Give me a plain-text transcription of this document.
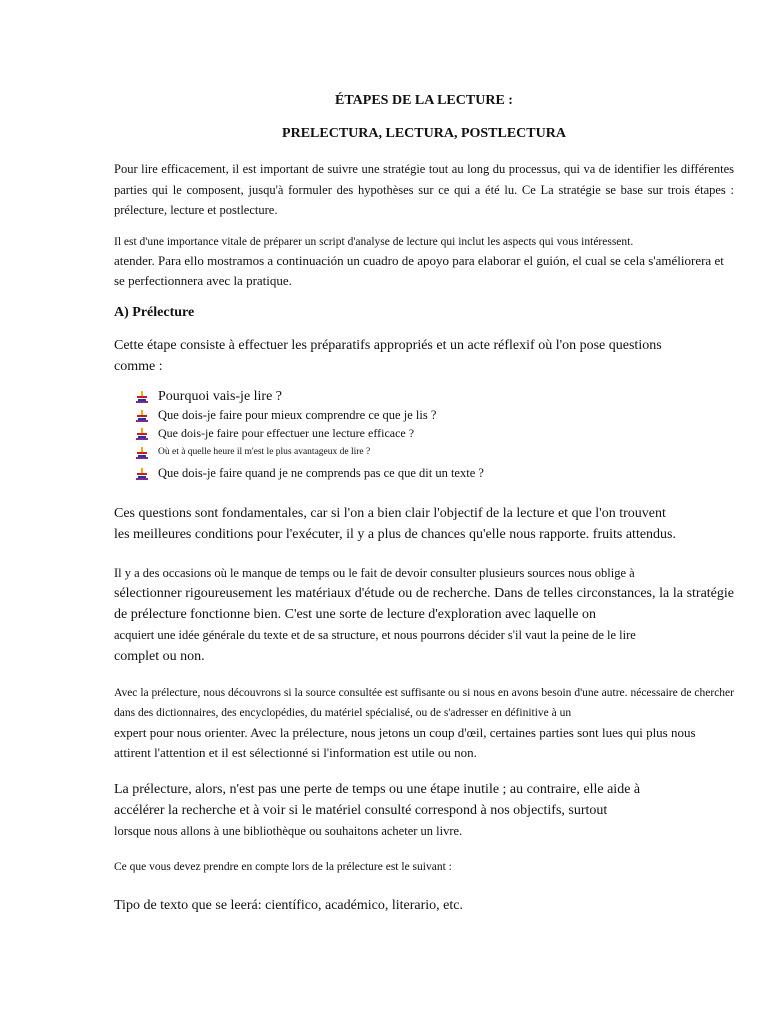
ÉTAPES DE LA LECTURE :

PRELECTURA, LECTURA, POSTLECTURA

Pour lire efficacement, il est important de suivre une stratégie tout au long du processus, qui va de identifier les différentes parties qui le composent, jusqu'à formuler des hypothèses sur ce qui a été lu. Ce La stratégie se base sur trois étapes : prélecture, lecture et postlecture.

Il est d'une importance vitale de préparer un script d'analyse de lecture qui inclut les aspects qui vous intéressent.

atender. Para ello mostramos a continuación un cuadro de apoyo para elaborar el guión, el cual se cela s'améliorera et se perfectionnera avec la pratique.

A) Prélecture

Cette étape consiste à effectuer les préparatifs appropriés et un acte réflexif où l'on pose questions comme :

Pourquoi vais-je lire ?
Que dois-je faire pour mieux comprendre ce que je lis ?
Que dois-je faire pour effectuer une lecture efficace ?
Où et à quelle heure il m'est le plus avantageux de lire ?
Que dois-je faire quand je ne comprends pas ce que dit un texte ?

Ces questions sont fondamentales, car si l'on a bien clair l'objectif de la lecture et que l'on trouvent les meilleures conditions pour l'exécuter, il y a plus de chances qu'elle nous rapporte. fruits attendus.

Il y a des occasions où le manque de temps ou le fait de devoir consulter plusieurs sources nous oblige à

sélectionner rigoureusement les matériaux d'étude ou de recherche. Dans de telles circonstances, la la stratégie de prélecture fonctionne bien. C'est une sorte de lecture d'exploration avec laquelle on

acquiert une idée générale du texte et de sa structure, et nous pourrons décider s'il vaut la peine de le lire

complet ou non.

Avec la prélecture, nous découvrons si la source consultée est suffisante ou si nous en avons besoin d'une autre. nécessaire de chercher dans des dictionnaires, des encyclopédies, du matériel spécialisé, ou de s'adresser en définitive à un

expert pour nous orienter. Avec la prélecture, nous jetons un coup d'œil, certaines parties sont lues qui plus nous attirent l'attention et il est sélectionné si l'information est utile ou non.

La prélecture, alors, n'est pas une perte de temps ou une étape inutile ; au contraire, elle aide à accélérer la recherche et à voir si le matériel consulté correspond à nos objectifs, surtout

lorsque nous allons à une bibliothèque ou souhaitons acheter un livre.

Ce que vous devez prendre en compte lors de la prélecture est le suivant :

Tipo de texto que se leerá: científico, académico, literario, etc.
